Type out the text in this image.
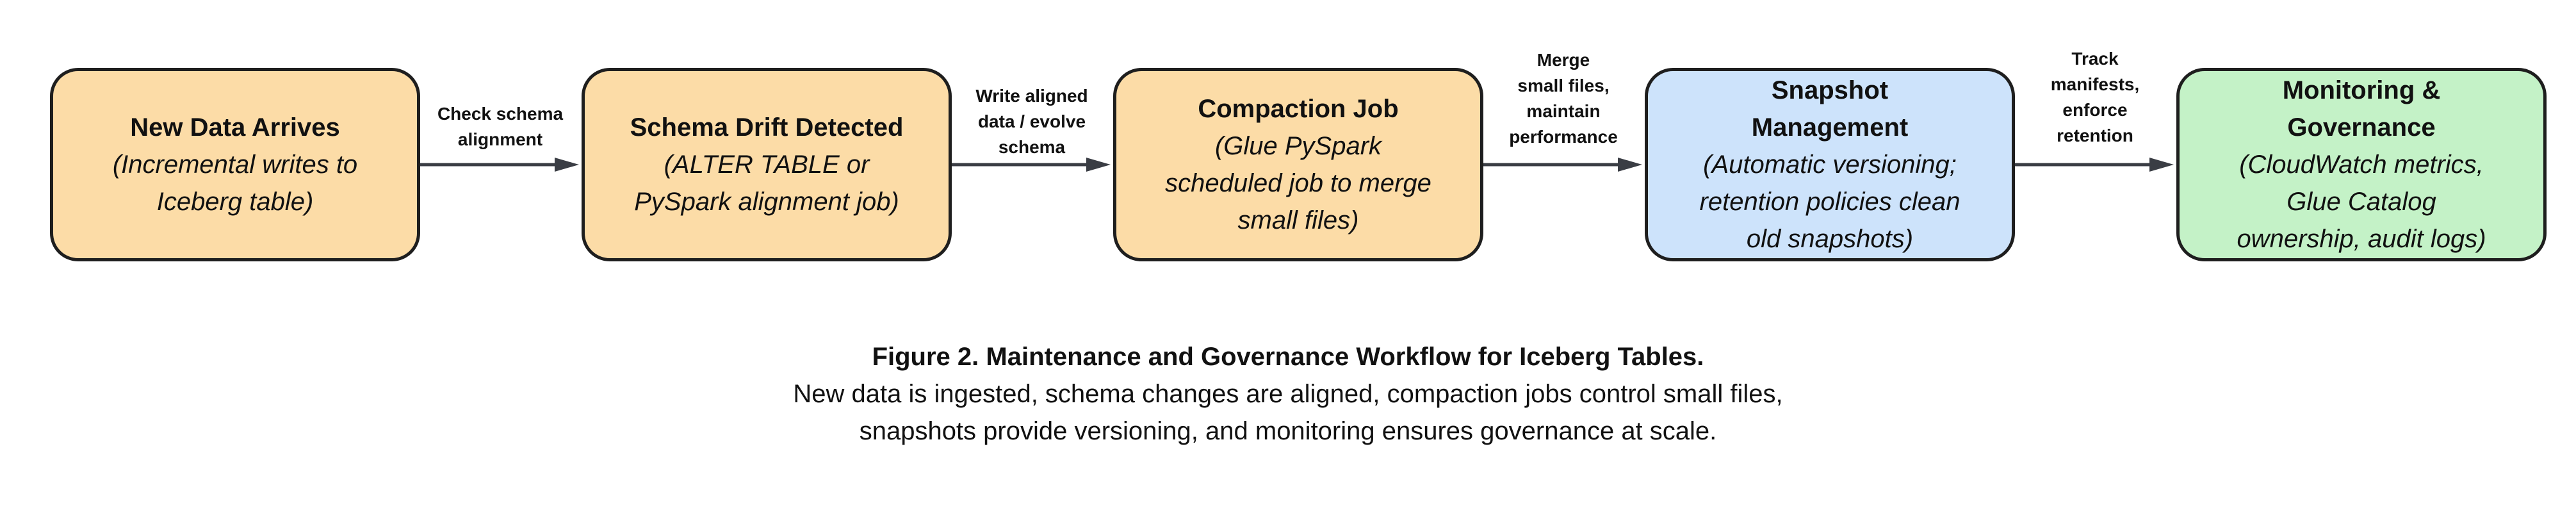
New Data Arrives
(Incremental writes to
Iceberg table)
Schema Drift Detected
(ALTER TABLE or
PySpark alignment job)
Compaction Job
(Glue PySpark
scheduled job to merge
small files)
Snapshot
Management
(Automatic versioning;
retention policies clean
old snapshots)
Monitoring &
Governance
(CloudWatch metrics,
Glue Catalog
ownership, audit logs)
Check schema
alignment
Write aligned
data / evolve
schema
Merge
small files,
maintain
performance
Track
manifests,
enforce
retention
Figure 2. Maintenance and Governance Workflow for Iceberg Tables.
New data is ingested, schema changes are aligned, compaction jobs control small files,
snapshots provide versioning, and monitoring ensures governance at scale.
